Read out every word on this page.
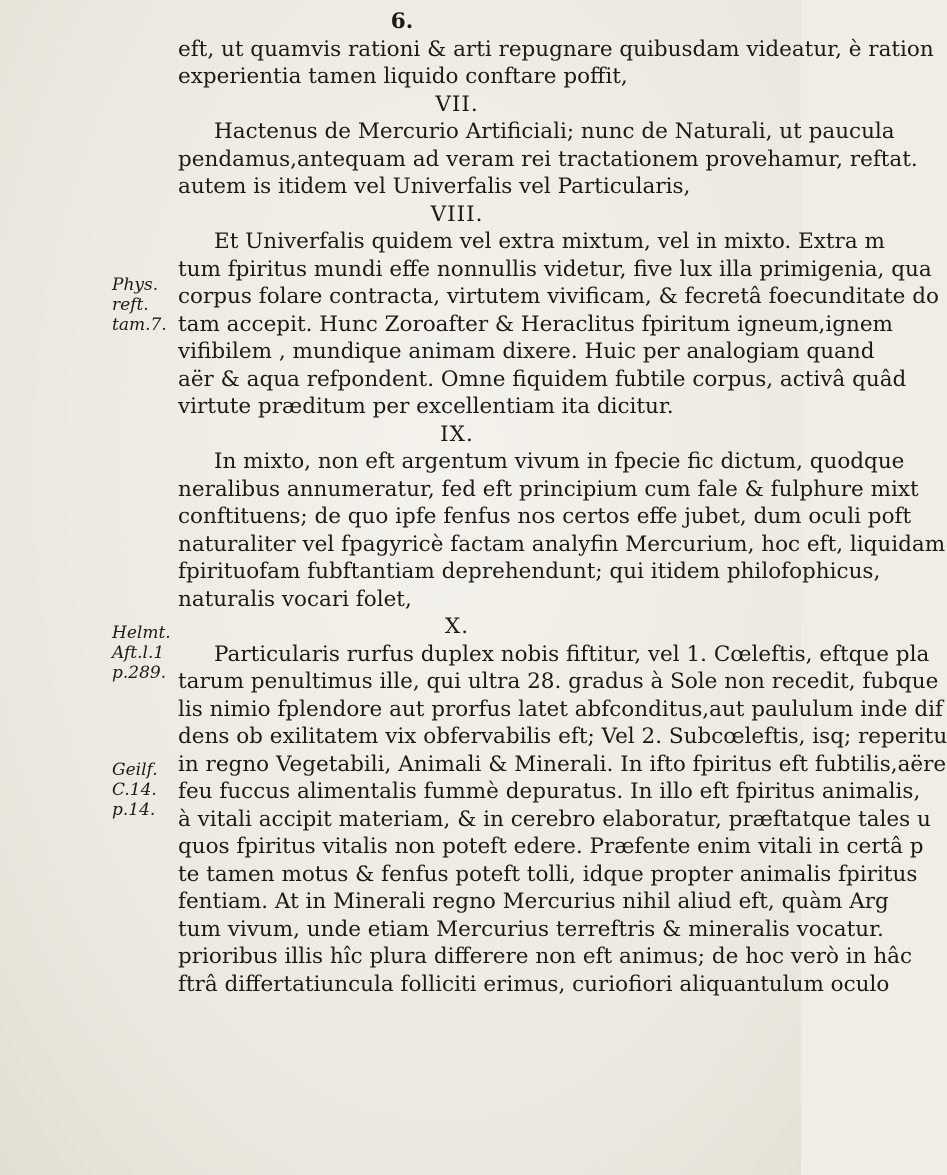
6.
eft, ut quamvis rationi & arti repugnare quibusdam videatur, è ration
experientia tamen liquido conftare poffit,
VII.
Hactenus de Mercurio Artificiali; nunc de Naturali, ut paucula
pendamus,antequam ad veram rei tractationem provehamur, reftat.
autem is itidem vel Univerfalis vel Particularis,
VIII.
Et Univerfalis quidem vel extra mixtum, vel in mixto. Extra m
tum fpiritus mundi effe nonnullis videtur, five lux illa primigenia, qua
corpus folare contracta, virtutem vivificam, & fecretâ foecunditate do
tam accepit. Hunc Zoroafter & Heraclitus fpiritum igneum,ignem
vifibilem , mundique animam dixere. Huic per analogiam quand
aër & aqua refpondent. Omne fiquidem fubtile corpus, activâ quâd
virtute præditum per excellentiam ita dicitur.
IX.
In mixto, non eft argentum vivum in fpecie fic dictum, quodque
neralibus annumeratur, fed eft principium cum fale & fulphure mixt
conftituens; de quo ipfe fenfus nos certos effe jubet, dum oculi poft
naturaliter vel fpagyricè factam analyfin Mercurium, hoc eft, liquidam
fpirituofam fubftantiam deprehendunt; qui itidem philofophicus,
naturalis vocari folet,
X.
Particularis rurfus duplex nobis fiftitur, vel 1. Cœleftis, eftque pla
tarum penultimus ille, qui ultra 28. gradus à Sole non recedit, fubque
lis nimio fplendore aut prorfus latet abfconditus,aut paululum inde dif
dens ob exilitatem vix obfervabilis eft; Vel 2. Subcœleftis, isq; reperitu
in regno Vegetabili, Animali & Minerali. In ifto fpiritus eft fubtilis,aëre
feu fuccus alimentalis fummè depuratus. In illo eft fpiritus animalis,
à vitali accipit materiam, & in cerebro elaboratur, præftatque tales u
quos fpiritus vitalis non poteft edere. Præfente enim vitali in certâ p
te tamen motus & fenfus poteft tolli, idque propter animalis fpiritus
fentiam. At in Minerali regno Mercurius nihil aliud eft, quàm Arg
tum vivum, unde etiam Mercurius terreftris & mineralis vocatur.
prioribus illis hîc plura differere non eft animus; de hoc verò in hâc
ftrâ differtatiuncula folliciti erimus, curiofiori aliquantulum oculo
Phys.
reft.
tam.7.
Helmt.
Aft.l.1
p.289.
Geilf.
C.14.
p.14.
